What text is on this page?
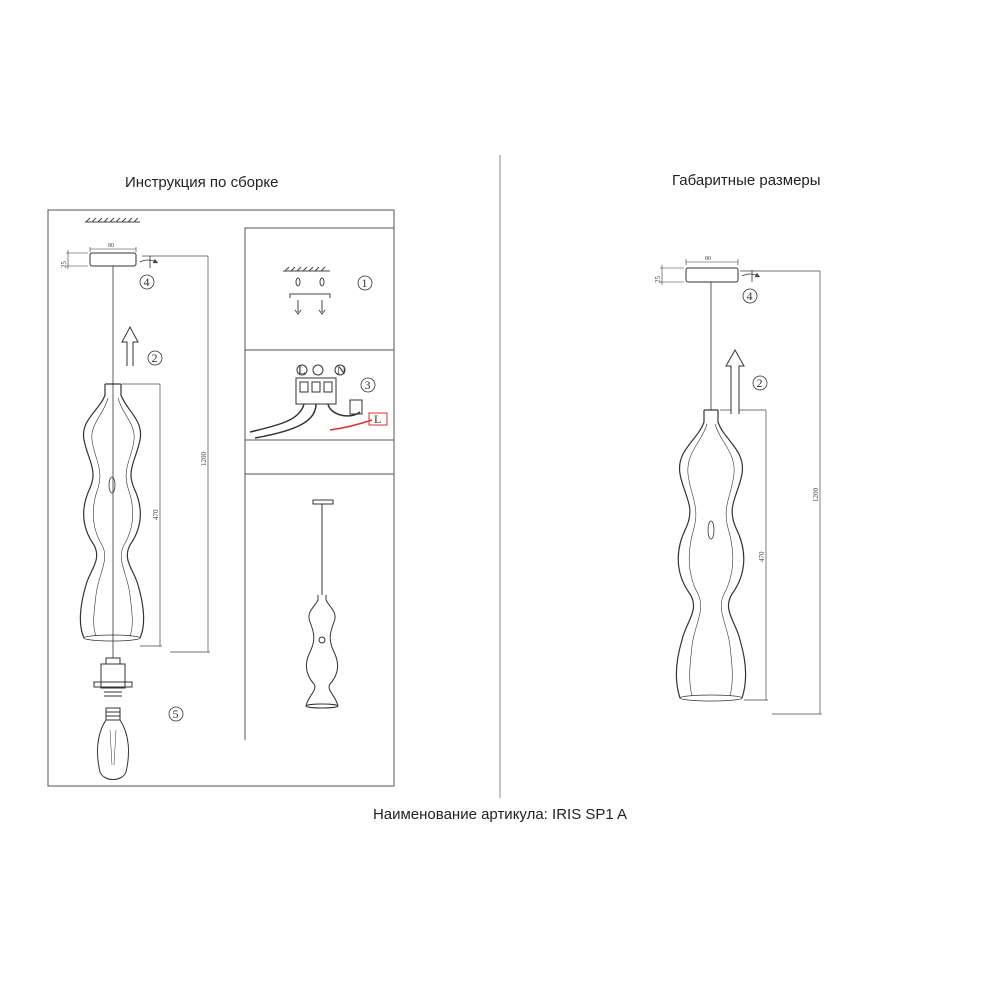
Инструкция по сборке	Габаритные размеры
Наименование артикула: IRIS SP1 A
80
25
1200
470
L	N
L
4
2
1
3
5
80
25
1200
470
4
2
